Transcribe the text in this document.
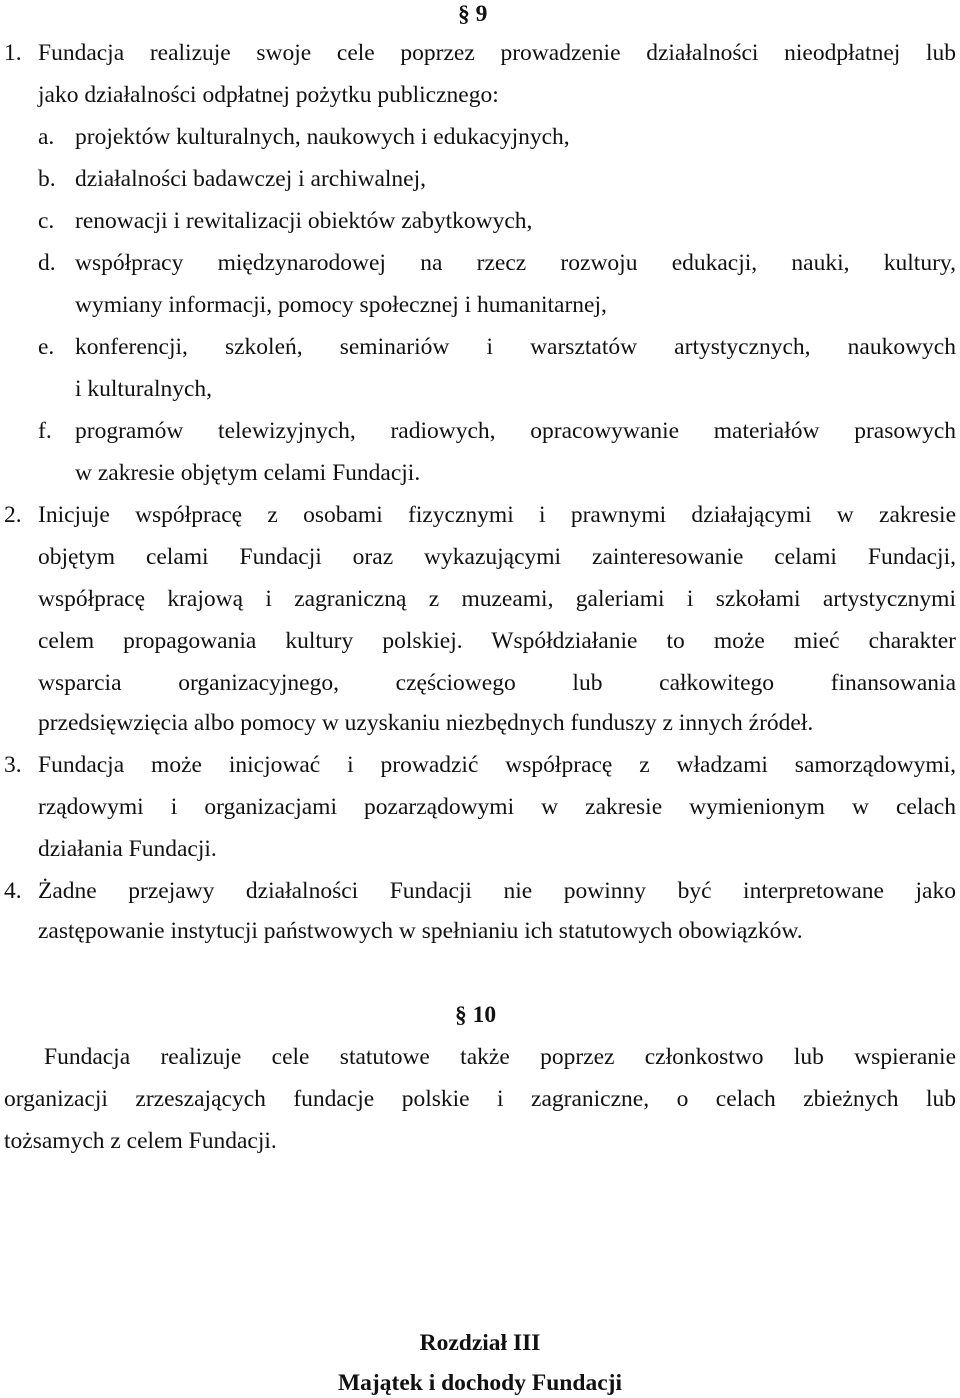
§ 9
1. Fundacja realizuje swoje cele poprzez prowadzenie działalności nieodpłatnej lub
jako działalności odpłatnej pożytku publicznego:
a. projektów kulturalnych, naukowych i edukacyjnych,
b. działalności badawczej i archiwalnej,
c. renowacji i rewitalizacji obiektów zabytkowych,
d. współpracy międzynarodowej na rzecz rozwoju edukacji, nauki, kultury,
wymiany informacji, pomocy społecznej i humanitarnej,
e. konferencji, szkoleń, seminariów i warsztatów artystycznych, naukowych
i kulturalnych,
f. programów telewizyjnych, radiowych, opracowywanie materiałów prasowych
w zakresie objętym celami Fundacji.
2. Inicjuje współpracę z osobami fizycznymi i prawnymi działającymi w zakresie
objętym celami Fundacji oraz wykazującymi zainteresowanie celami Fundacji,
współpracę krajową i zagraniczną z muzeami, galeriami i szkołami artystycznymi
celem propagowania kultury polskiej. Współdziałanie to może mieć charakter
wsparcia organizacyjnego, częściowego lub całkowitego finansowania
przedsięwzięcia albo pomocy w uzyskaniu niezbędnych funduszy z innych źródeł.
3. Fundacja może inicjować i prowadzić współpracę z władzami samorządowymi,
rządowymi i organizacjami pozarządowymi w zakresie wymienionym w celach
działania Fundacji.
4. Żadne przejawy działalności Fundacji nie powinny być interpretowane jako
zastępowanie instytucji państwowych w spełnianiu ich statutowych obowiązków.
§ 10
Fundacja realizuje cele statutowe także poprzez członkostwo lub wspieranie
organizacji zrzeszających fundacje polskie i zagraniczne, o celach zbieżnych lub
tożsamych z celem Fundacji.
Rozdział III
Majątek i dochody Fundacji
